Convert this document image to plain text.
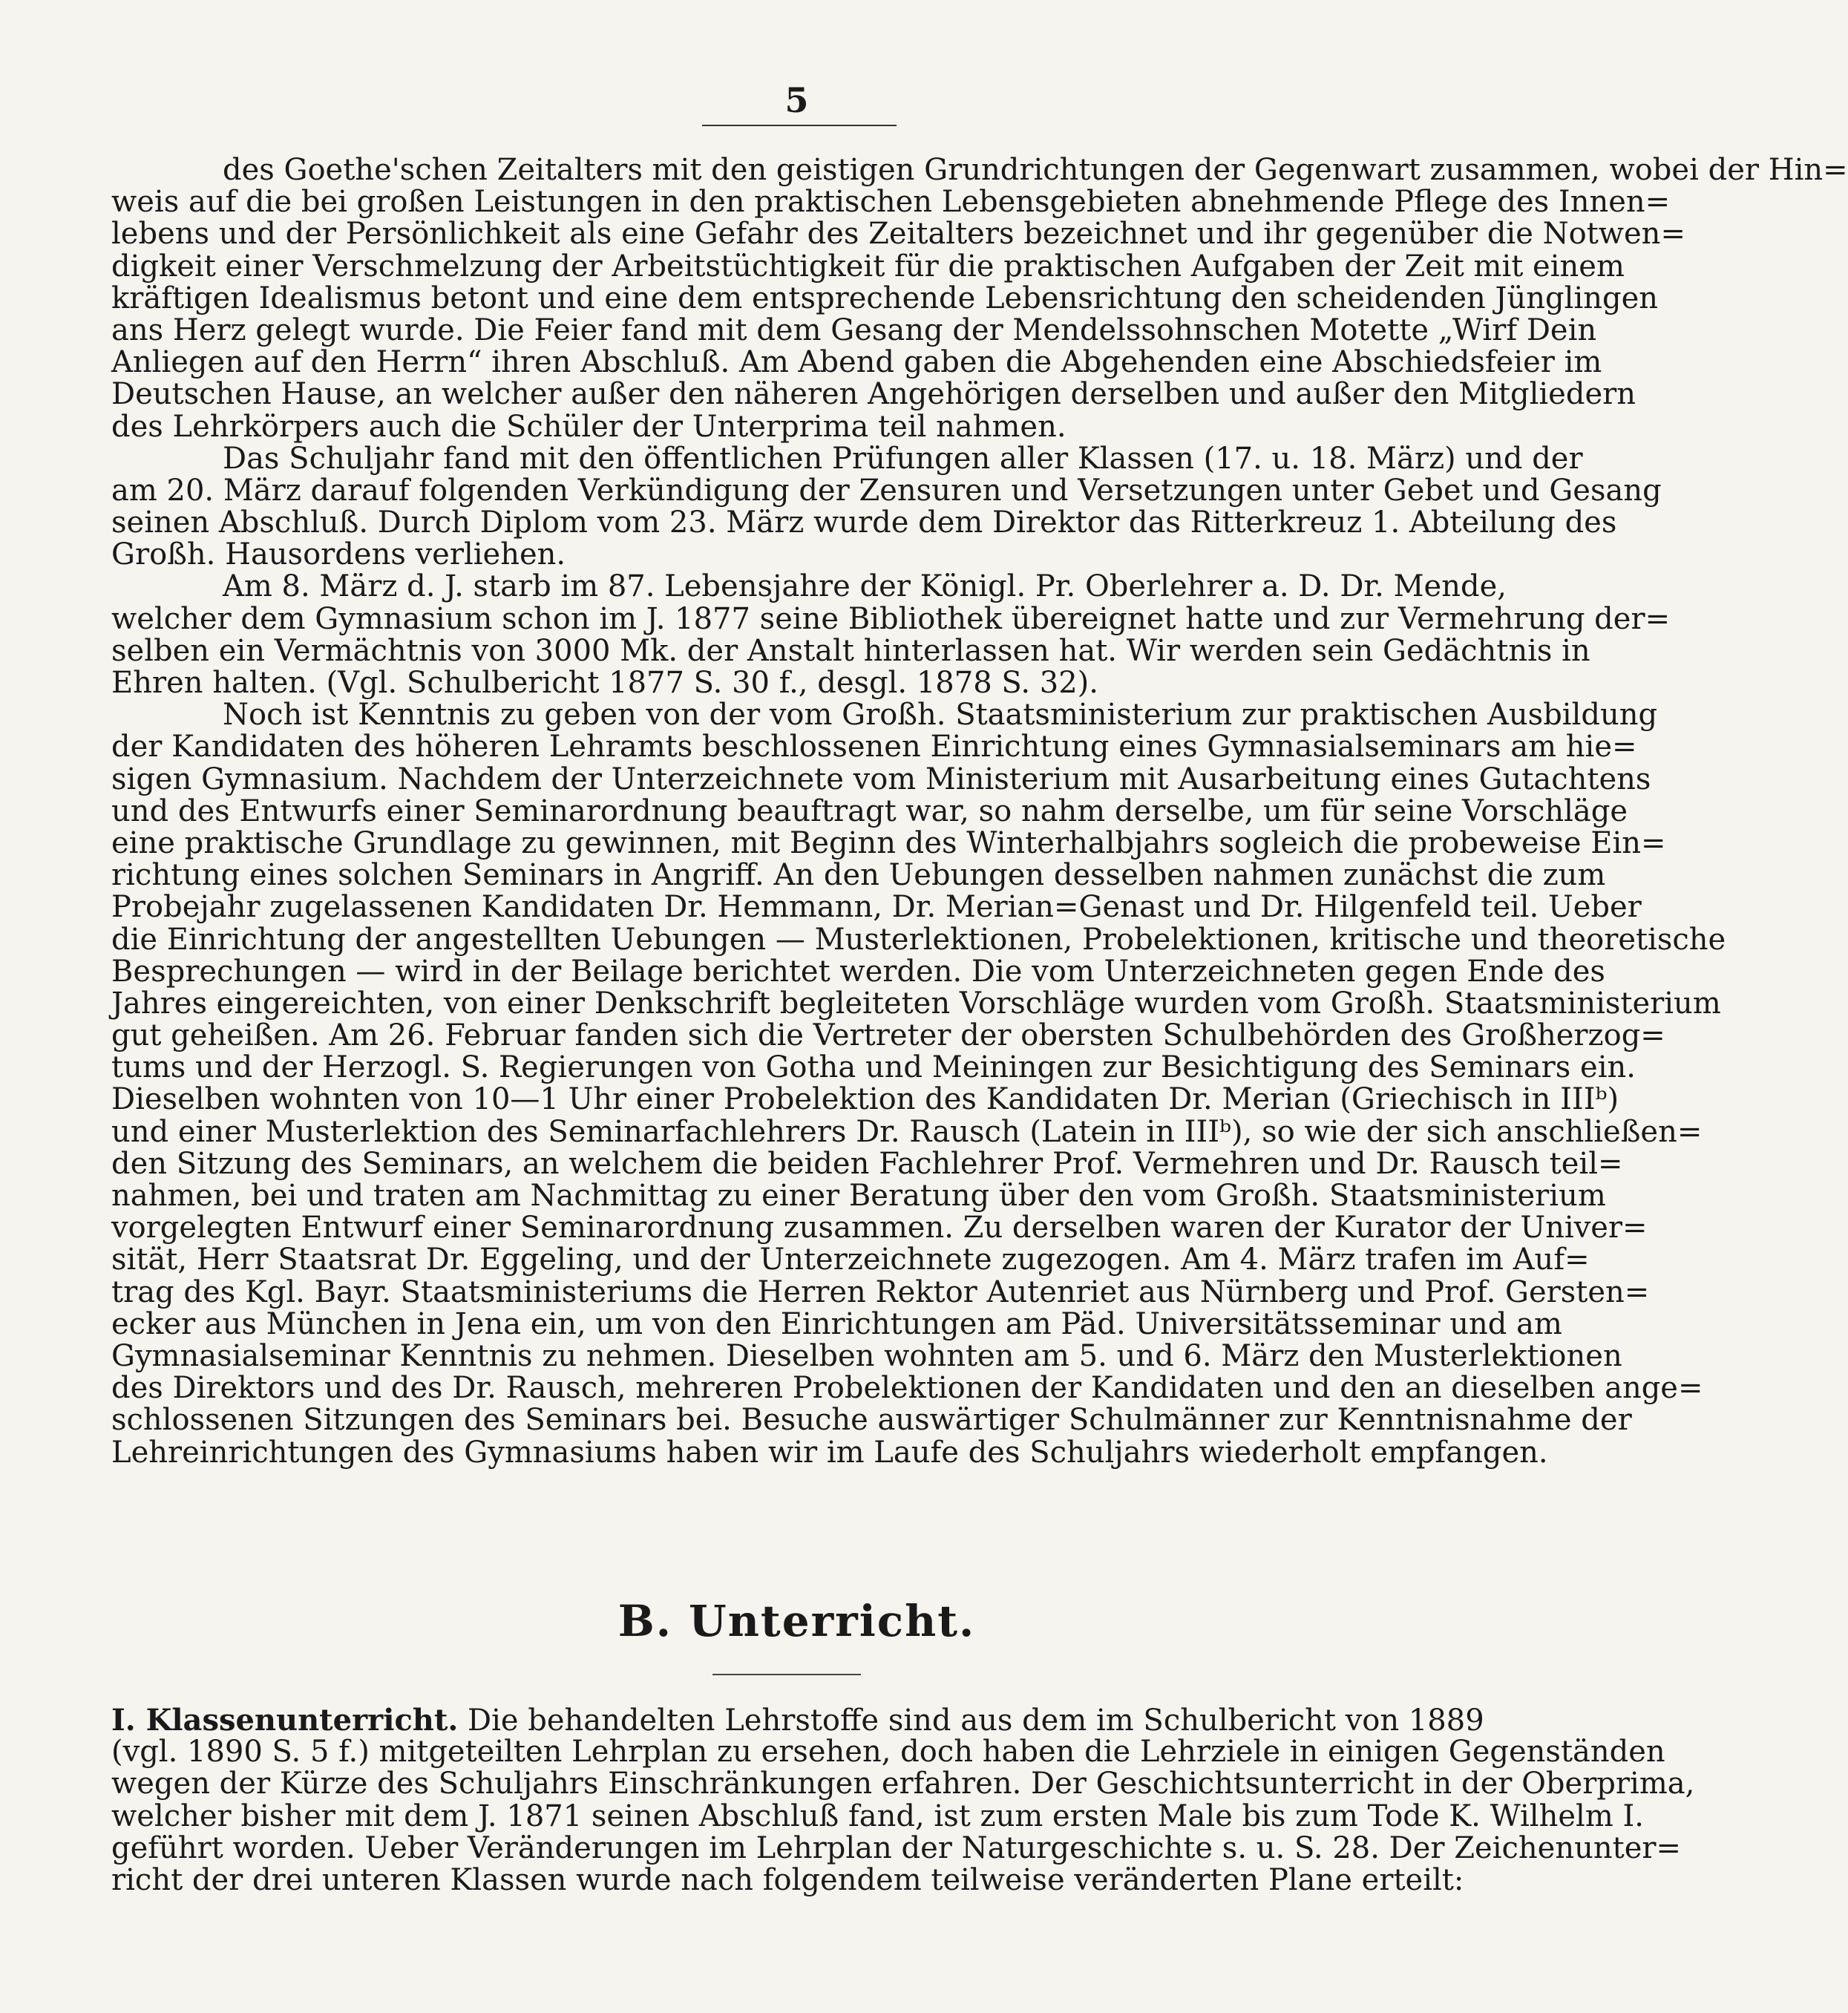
5
des Goethe'schen Zeitalters mit den geistigen Grundrichtungen der Gegenwart zusammen, wobei der Hin=
weis auf die bei großen Leistungen in den praktischen Lebensgebieten abnehmende Pflege des Innen=
lebens und der Persönlichkeit als eine Gefahr des Zeitalters bezeichnet und ihr gegenüber die Notwen=
digkeit einer Verschmelzung der Arbeitstüchtigkeit für die praktischen Aufgaben der Zeit mit einem
kräftigen Idealismus betont und eine dem entsprechende Lebensrichtung den scheidenden Jünglingen
ans Herz gelegt wurde. Die Feier fand mit dem Gesang der Mendelssohnschen Motette „Wirf Dein
Anliegen auf den Herrn“ ihren Abschluß. Am Abend gaben die Abgehenden eine Abschiedsfeier im
Deutschen Hause, an welcher außer den näheren Angehörigen derselben und außer den Mitgliedern
des Lehrkörpers auch die Schüler der Unterprima teil nahmen.
Das Schuljahr fand mit den öffentlichen Prüfungen aller Klassen (17. u. 18. März) und der
am 20. März darauf folgenden Verkündigung der Zensuren und Versetzungen unter Gebet und Gesang
seinen Abschluß. Durch Diplom vom 23. März wurde dem Direktor das Ritterkreuz 1. Abteilung des
Großh. Hausordens verliehen.
Am 8. März d. J. starb im 87. Lebensjahre der Königl. Pr. Oberlehrer a. D. Dr. Mende,
welcher dem Gymnasium schon im J. 1877 seine Bibliothek übereignet hatte und zur Vermehrung der=
selben ein Vermächtnis von 3000 Mk. der Anstalt hinterlassen hat. Wir werden sein Gedächtnis in
Ehren halten. (Vgl. Schulbericht 1877 S. 30 f., desgl. 1878 S. 32).
Noch ist Kenntnis zu geben von der vom Großh. Staatsministerium zur praktischen Ausbildung
der Kandidaten des höheren Lehramts beschlossenen Einrichtung eines Gymnasialseminars am hie=
sigen Gymnasium. Nachdem der Unterzeichnete vom Ministerium mit Ausarbeitung eines Gutachtens
und des Entwurfs einer Seminarordnung beauftragt war, so nahm derselbe, um für seine Vorschläge
eine praktische Grundlage zu gewinnen, mit Beginn des Winterhalbjahrs sogleich die probeweise Ein=
richtung eines solchen Seminars in Angriff. An den Uebungen desselben nahmen zunächst die zum
Probejahr zugelassenen Kandidaten Dr. Hemmann, Dr. Merian=Genast und Dr. Hilgenfeld teil. Ueber
die Einrichtung der angestellten Uebungen — Musterlektionen, Probelektionen, kritische und theoretische
Besprechungen — wird in der Beilage berichtet werden. Die vom Unterzeichneten gegen Ende des
Jahres eingereichten, von einer Denkschrift begleiteten Vorschläge wurden vom Großh. Staatsministerium
gut geheißen. Am 26. Februar fanden sich die Vertreter der obersten Schulbehörden des Großherzog=
tums und der Herzogl. S. Regierungen von Gotha und Meiningen zur Besichtigung des Seminars ein.
Dieselben wohnten von 10—1 Uhr einer Probelektion des Kandidaten Dr. Merian (Griechisch in IIIᵇ)
und einer Musterlektion des Seminarfachlehrers Dr. Rausch (Latein in IIIᵇ), so wie der sich anschließen=
den Sitzung des Seminars, an welchem die beiden Fachlehrer Prof. Vermehren und Dr. Rausch teil=
nahmen, bei und traten am Nachmittag zu einer Beratung über den vom Großh. Staatsministerium
vorgelegten Entwurf einer Seminarordnung zusammen. Zu derselben waren der Kurator der Univer=
sität, Herr Staatsrat Dr. Eggeling, und der Unterzeichnete zugezogen. Am 4. März trafen im Auf=
trag des Kgl. Bayr. Staatsministeriums die Herren Rektor Autenriet aus Nürnberg und Prof. Gersten=
ecker aus München in Jena ein, um von den Einrichtungen am Päd. Universitätsseminar und am
Gymnasialseminar Kenntnis zu nehmen. Dieselben wohnten am 5. und 6. März den Musterlektionen
des Direktors und des Dr. Rausch, mehreren Probelektionen der Kandidaten und den an dieselben ange=
schlossenen Sitzungen des Seminars bei. Besuche auswärtiger Schulmänner zur Kenntnisnahme der
Lehreinrichtungen des Gymnasiums haben wir im Laufe des Schuljahrs wiederholt empfangen.
B. Unterricht.
I. Klassenunterricht. Die behandelten Lehrstoffe sind aus dem im Schulbericht von 1889
(vgl. 1890 S. 5 f.) mitgeteilten Lehrplan zu ersehen, doch haben die Lehrziele in einigen Gegenständen
wegen der Kürze des Schuljahrs Einschränkungen erfahren. Der Geschichtsunterricht in der Oberprima,
welcher bisher mit dem J. 1871 seinen Abschluß fand, ist zum ersten Male bis zum Tode K. Wilhelm I.
geführt worden. Ueber Veränderungen im Lehrplan der Naturgeschichte s. u. S. 28. Der Zeichenunter=
richt der drei unteren Klassen wurde nach folgendem teilweise veränderten Plane erteilt:
